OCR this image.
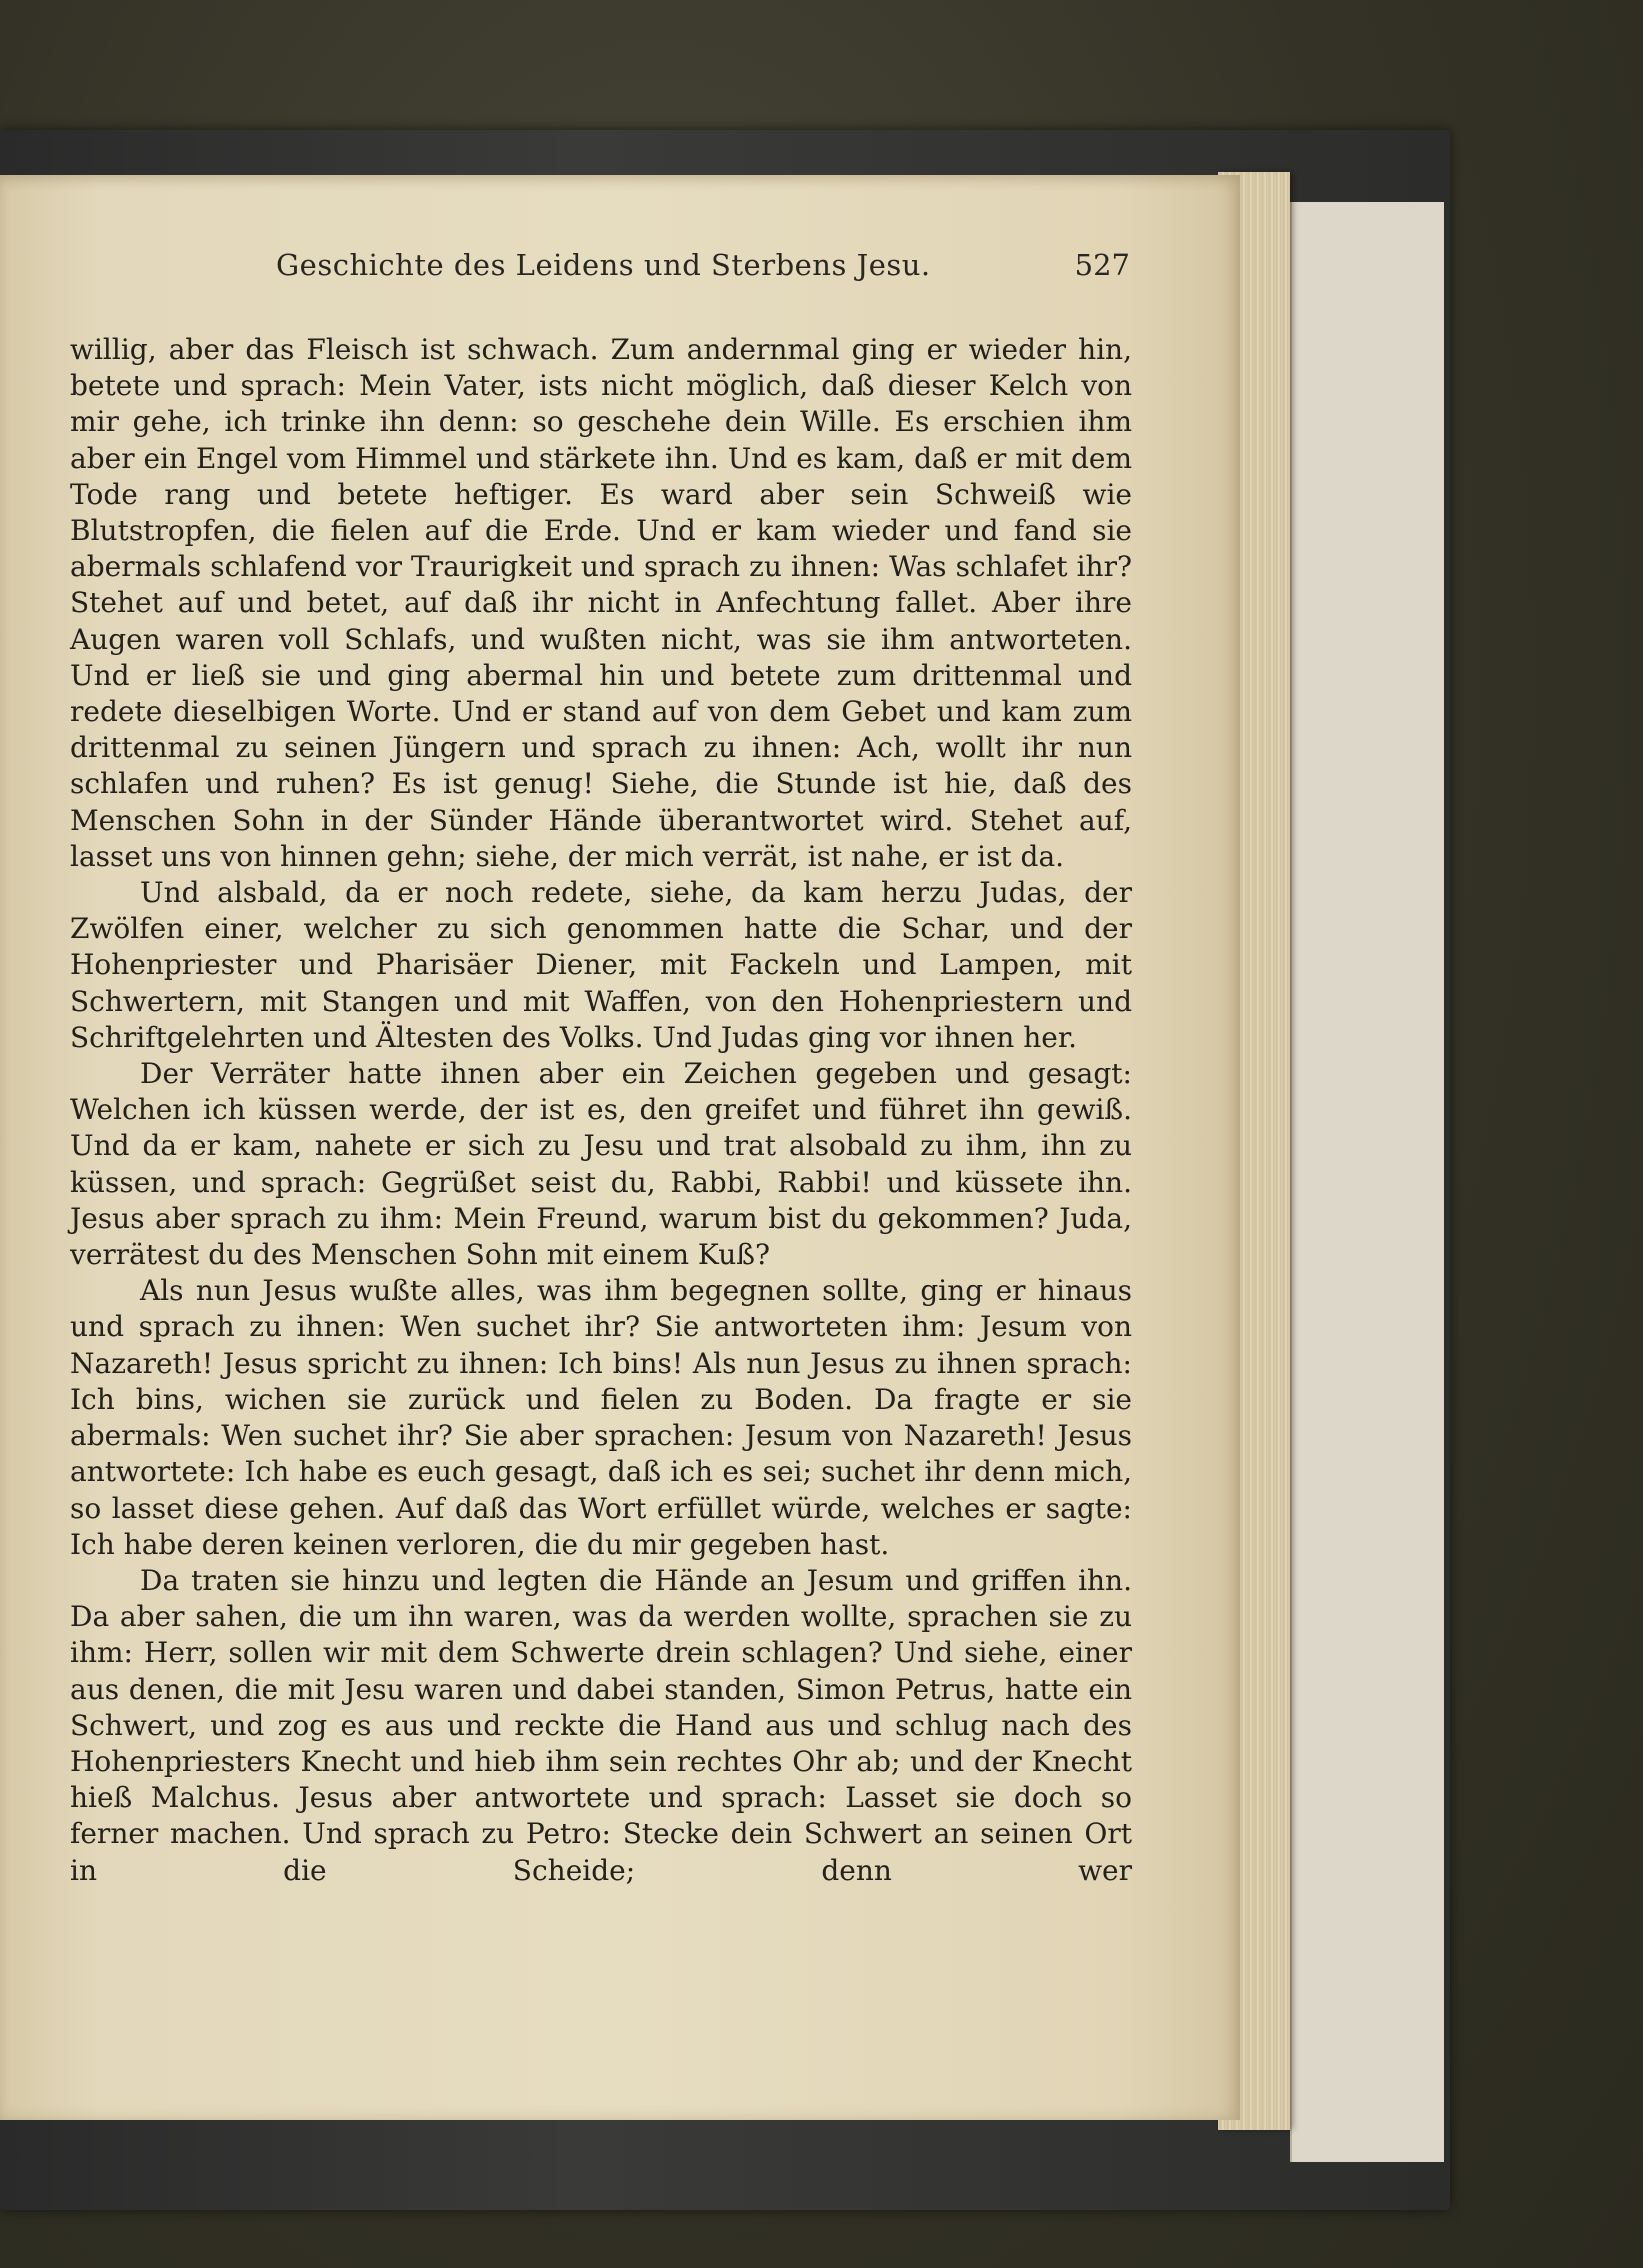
Geschichte des Leidens und Sterbens Jesu.	527

willig, aber das Fleisch ist schwach. Zum andernmal ging er wieder hin, betete und sprach: Mein Vater, ists nicht möglich, daß dieser Kelch von mir gehe, ich trinke ihn denn: so geschehe dein Wille. Es erschien ihm aber ein Engel vom Himmel und stärkete ihn. Und es kam, daß er mit dem Tode rang und betete heftiger. Es ward aber sein Schweiß wie Blutstropfen, die fielen auf die Erde. Und er kam wieder und fand sie abermals schlafend vor Traurigkeit und sprach zu ihnen: Was schlafet ihr? Stehet auf und betet, auf daß ihr nicht in Anfechtung fallet. Aber ihre Augen waren voll Schlafs, und wußten nicht, was sie ihm antworteten. Und er ließ sie und ging abermal hin und betete zum drittenmal und redete dieselbigen Worte. Und er stand auf von dem Gebet und kam zum drittenmal zu seinen Jüngern und sprach zu ihnen: Ach, wollt ihr nun schlafen und ruhen? Es ist genug! Siehe, die Stunde ist hie, daß des Menschen Sohn in der Sünder Hände überantwortet wird. Stehet auf, lasset uns von hinnen gehn; siehe, der mich verrät, ist nahe, er ist da.

Und alsbald, da er noch redete, siehe, da kam herzu Judas, der Zwölfen einer, welcher zu sich genommen hatte die Schar, und der Hohenpriester und Pharisäer Diener, mit Fackeln und Lampen, mit Schwertern, mit Stangen und mit Waffen, von den Hohenpriestern und Schriftgelehrten und Ältesten des Volks. Und Judas ging vor ihnen her.

Der Verräter hatte ihnen aber ein Zeichen gegeben und gesagt: Welchen ich küssen werde, der ist es, den greifet und führet ihn gewiß. Und da er kam, nahete er sich zu Jesu und trat alsobald zu ihm, ihn zu küssen, und sprach: Gegrüßet seist du, Rabbi, Rabbi! und küssete ihn. Jesus aber sprach zu ihm: Mein Freund, warum bist du gekommen? Juda, verrätest du des Menschen Sohn mit einem Kuß?

Als nun Jesus wußte alles, was ihm begegnen sollte, ging er hinaus und sprach zu ihnen: Wen suchet ihr? Sie antworteten ihm: Jesum von Nazareth! Jesus spricht zu ihnen: Ich bins! Als nun Jesus zu ihnen sprach: Ich bins, wichen sie zurück und fielen zu Boden. Da fragte er sie abermals: Wen suchet ihr? Sie aber sprachen: Jesum von Nazareth! Jesus antwortete: Ich habe es euch gesagt, daß ich es sei; suchet ihr denn mich, so lasset diese gehen. Auf daß das Wort erfüllet würde, welches er sagte: Ich habe deren keinen verloren, die du mir gegeben hast.

Da traten sie hinzu und legten die Hände an Jesum und griffen ihn. Da aber sahen, die um ihn waren, was da werden wollte, sprachen sie zu ihm: Herr, sollen wir mit dem Schwerte drein schlagen? Und siehe, einer aus denen, die mit Jesu waren und dabei standen, Simon Petrus, hatte ein Schwert, und zog es aus und reckte die Hand aus und schlug nach des Hohenpriesters Knecht und hieb ihm sein rechtes Ohr ab; und der Knecht hieß Malchus. Jesus aber antwortete und sprach: Lasset sie doch so ferner machen. Und sprach zu Petro: Stecke dein Schwert an seinen Ort in die Scheide; denn wer
